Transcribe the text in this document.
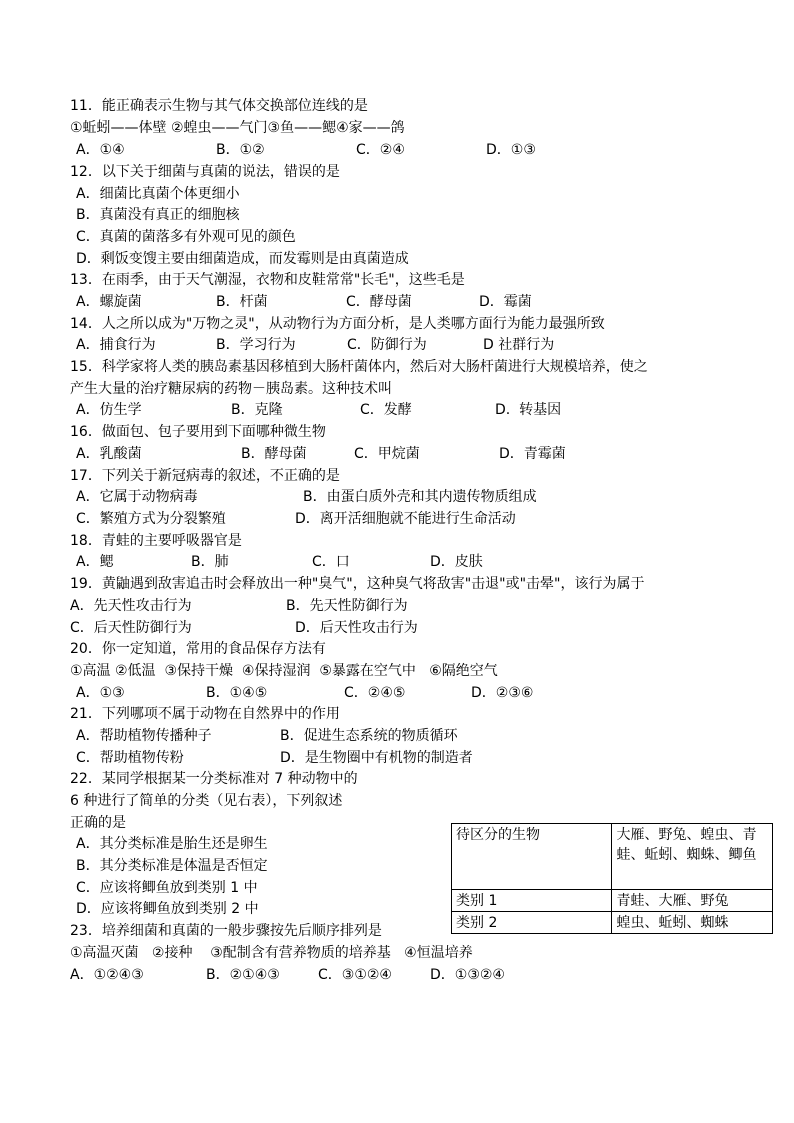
11．能正确表示生物与其气体交换部位连线的是
①蚯蚓——体壁 ②蝗虫——气门③鱼——鳃④家——鸽
A．①④	B．①②	C．②④	D．①③
12．以下关于细菌与真菌的说法，错误的是
A．细菌比真菌个体更细小
B．真菌没有真正的细胞核
C．真菌的菌落多有外观可见的颜色
D．剩饭变馊主要由细菌造成，而发霉则是由真菌造成
13．在雨季，由于天气潮湿，衣物和皮鞋常常"长毛"，这些毛是
A．螺旋菌	B．杆菌	C．酵母菌	D．霉菌
14．人之所以成为"万物之灵"，从动物行为方面分析，是人类哪方面行为能力最强所致
A．捕食行为	B．学习行为	C．防御行为	D 社群行为
15．科学家将人类的胰岛素基因移植到大肠杆菌体内，然后对大肠杆菌进行大规模培养，使之
产生大量的治疗糖尿病的药物－胰岛素。这种技术叫
A．仿生学	B．克隆	C．发酵	D.  转基因
16．做面包、包子要用到下面哪种微生物
A．乳酸菌	B．酵母菌	C．甲烷菌	D．青霉菌
17．下列关于新冠病毒的叙述，不正确的是
A．它属于动物病毒	B．由蛋白质外壳和其内遗传物质组成
C．繁殖方式为分裂繁殖	D．离开活细胞就不能进行生命活动
18．青蛙的主要呼吸器官是
A．鳃	B．肺	C．口	D．皮肤
19．黄鼬遇到敌害追击时会释放出一种"臭气"，这种臭气将敌害"击退"或"击晕"，该行为属于
A．先天性攻击行为	B．先天性防御行为
C．后天性防御行为	D．后天性攻击行为
20．你一定知道，常用的食品保存方法有
①高温 ②低温  ③保持干燥  ④保持湿润  ⑤暴露在空气中   ⑥隔绝空气
A．①③	B．①④⑤	C．②④⑤	D．②③⑥
21．下列哪项不属于动物在自然界中的作用
A．帮助植物传播种子	B．促进生态系统的物质循环
C．帮助植物传粉	D．是生物圈中有机物的制造者
22．某同学根据某一分类标准对 7 种动物中的
6 种进行了简单的分类（见右表），下列叙述
正确的是
A．其分类标准是胎生还是卵生
B．其分类标准是体温是否恒定
C．应该将鲫鱼放到类别 1 中
D．应该将鲫鱼放到类别 2 中
待区分的生物	大雁、野兔、蝗虫、青蛙、蚯蚓、蜘蛛、鲫鱼
类别 1	青蛙、大雁、野兔
类别 2	蝗虫、蚯蚓、蜘蛛
23．培养细菌和真菌的一般步骤按先后顺序排列是
①高温灭菌   ②接种    ③配制含有营养物质的培养基   ④恒温培养
A．①②④③	B．②①④③	C．③①②④	D．①③②④
